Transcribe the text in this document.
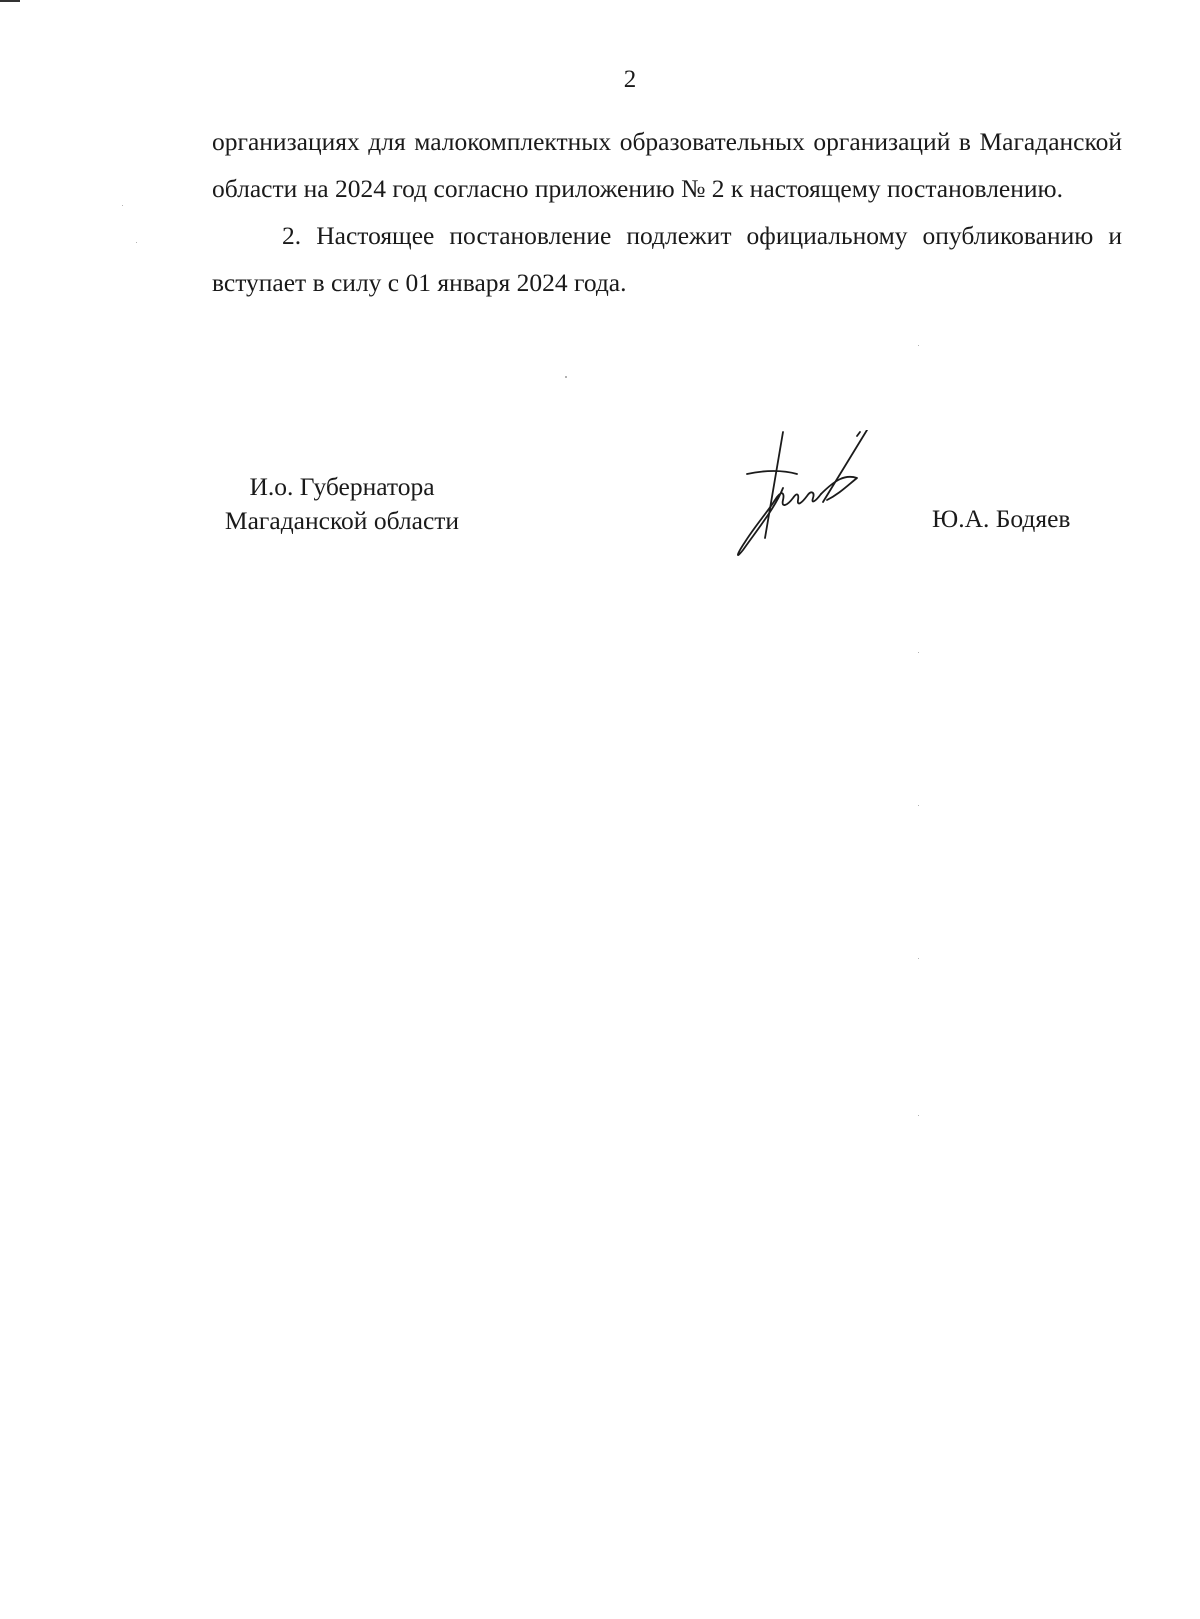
2

организациях для малокомплектных образовательных организаций в Магаданской области на 2024 год согласно приложению № 2 к настоящему постановлению.

2. Настоящее постановление подлежит официальному опубликованию и вступает в силу с 01 января 2024 года.

И.о. Губернатора
Магаданской области	Ю.А. Бодяев
